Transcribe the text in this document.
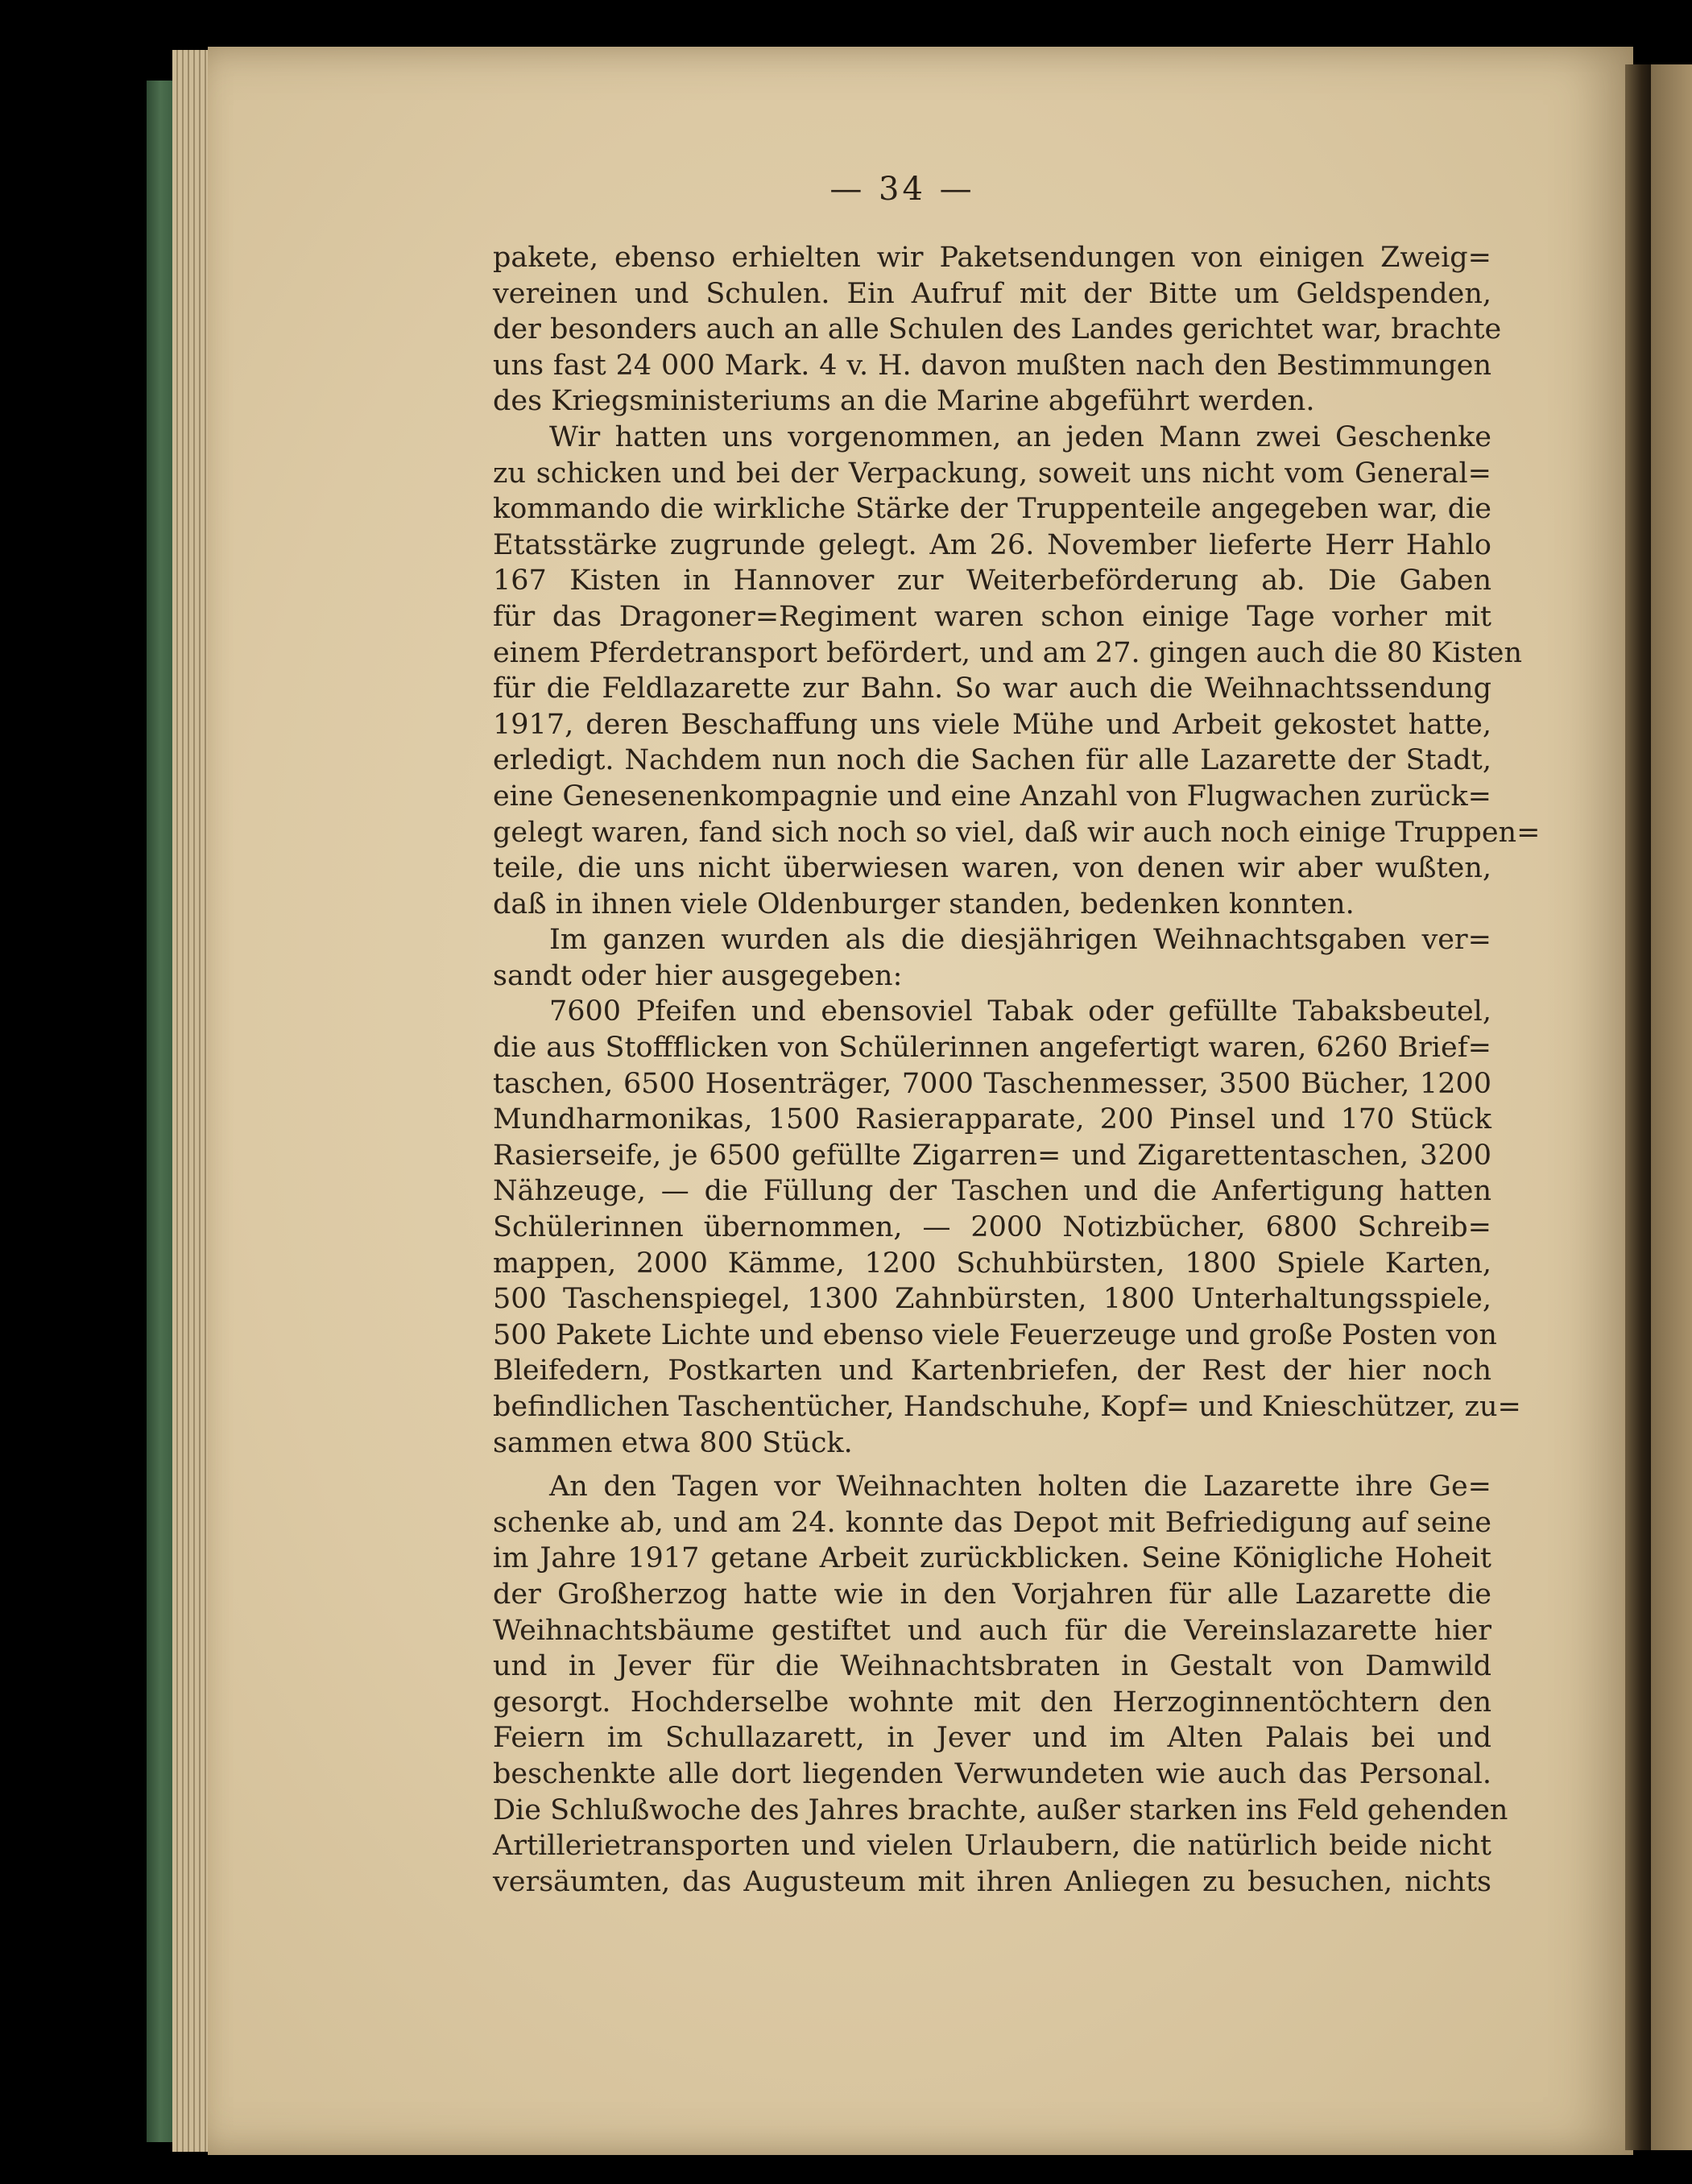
— 34 —
pakete, ebenso erhielten wir Paketsendungen von einigen Zweig=
vereinen und Schulen. Ein Aufruf mit der Bitte um Geldspenden,
der besonders auch an alle Schulen des Landes gerichtet war, brachte
uns fast 24 000 Mark. 4 v. H. davon mußten nach den Bestimmungen
des Kriegsministeriums an die Marine abgeführt werden.
Wir hatten uns vorgenommen, an jeden Mann zwei Geschenke
zu schicken und bei der Verpackung, soweit uns nicht vom General=
kommando die wirkliche Stärke der Truppenteile angegeben war, die
Etatsstärke zugrunde gelegt. Am 26. November lieferte Herr Hahlo
167 Kisten in Hannover zur Weiterbeförderung ab. Die Gaben
für das Dragoner=Regiment waren schon einige Tage vorher mit
einem Pferdetransport befördert, und am 27. gingen auch die 80 Kisten
für die Feldlazarette zur Bahn. So war auch die Weihnachtssendung
1917, deren Beschaffung uns viele Mühe und Arbeit gekostet hatte,
erledigt. Nachdem nun noch die Sachen für alle Lazarette der Stadt,
eine Genesenenkompagnie und eine Anzahl von Flugwachen zurück=
gelegt waren, fand sich noch so viel, daß wir auch noch einige Truppen=
teile, die uns nicht überwiesen waren, von denen wir aber wußten,
daß in ihnen viele Oldenburger standen, bedenken konnten.
Im ganzen wurden als die diesjährigen Weihnachtsgaben ver=
sandt oder hier ausgegeben:
7600 Pfeifen und ebensoviel Tabak oder gefüllte Tabaksbeutel,
die aus Stoffflicken von Schülerinnen angefertigt waren, 6260 Brief=
taschen, 6500 Hosenträger, 7000 Taschenmesser, 3500 Bücher, 1200
Mundharmonikas, 1500 Rasierapparate, 200 Pinsel und 170 Stück
Rasierseife, je 6500 gefüllte Zigarren= und Zigarettentaschen, 3200
Nähzeuge, — die Füllung der Taschen und die Anfertigung hatten
Schülerinnen übernommen, — 2000 Notizbücher, 6800 Schreib=
mappen, 2000 Kämme, 1200 Schuhbürsten, 1800 Spiele Karten,
500 Taschenspiegel, 1300 Zahnbürsten, 1800 Unterhaltungsspiele,
500 Pakete Lichte und ebenso viele Feuerzeuge und große Posten von
Bleifedern, Postkarten und Kartenbriefen, der Rest der hier noch
befindlichen Taschentücher, Handschuhe, Kopf= und Knieschützer, zu=
sammen etwa 800 Stück.
An den Tagen vor Weihnachten holten die Lazarette ihre Ge=
schenke ab, und am 24. konnte das Depot mit Befriedigung auf seine
im Jahre 1917 getane Arbeit zurückblicken. Seine Königliche Hoheit
der Großherzog hatte wie in den Vorjahren für alle Lazarette die
Weihnachtsbäume gestiftet und auch für die Vereinslazarette hier
und in Jever für die Weihnachtsbraten in Gestalt von Damwild
gesorgt. Hochderselbe wohnte mit den Herzoginnentöchtern den
Feiern im Schullazarett, in Jever und im Alten Palais bei und
beschenkte alle dort liegenden Verwundeten wie auch das Personal.
Die Schlußwoche des Jahres brachte, außer starken ins Feld gehenden
Artillerietransporten und vielen Urlaubern, die natürlich beide nicht
versäumten, das Augusteum mit ihren Anliegen zu besuchen, nichts
